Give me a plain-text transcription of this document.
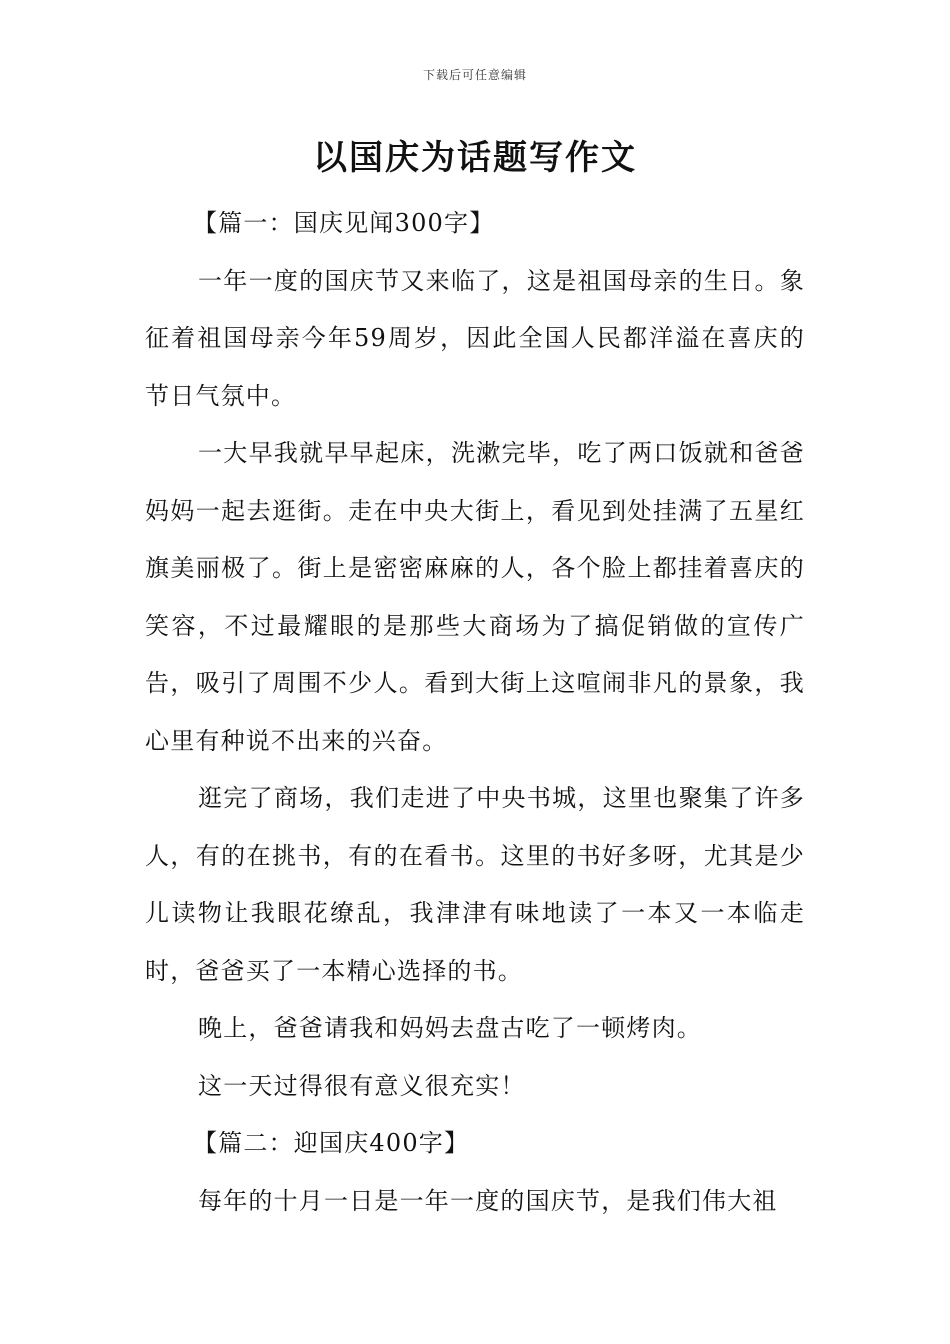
下载后可任意编辑
以国庆为话题写作文

【篇一：国庆见闻300字】

一年一度的国庆节又来临了，这是祖国母亲的生日。象征着祖国母亲今年59周岁，因此全国人民都洋溢在喜庆的节日气氛中。

一大早我就早早起床，洗漱完毕，吃了两口饭就和爸爸妈妈一起去逛街。走在中央大街上，看见到处挂满了五星红旗美丽极了。街上是密密麻麻的人，各个脸上都挂着喜庆的笑容，不过最耀眼的是那些大商场为了搞促销做的宣传广告，吸引了周围不少人。看到大街上这喧闹非凡的景象，我心里有种说不出来的兴奋。

逛完了商场，我们走进了中央书城，这里也聚集了许多人，有的在挑书，有的在看书。这里的书好多呀，尤其是少儿读物让我眼花缭乱，我津津有味地读了一本又一本临走时，爸爸买了一本精心选择的书。

晚上，爸爸请我和妈妈去盘古吃了一顿烤肉。

这一天过得很有意义很充实！

【篇二：迎国庆400字】

每年的十月一日是一年一度的国庆节，是我们伟大祖
